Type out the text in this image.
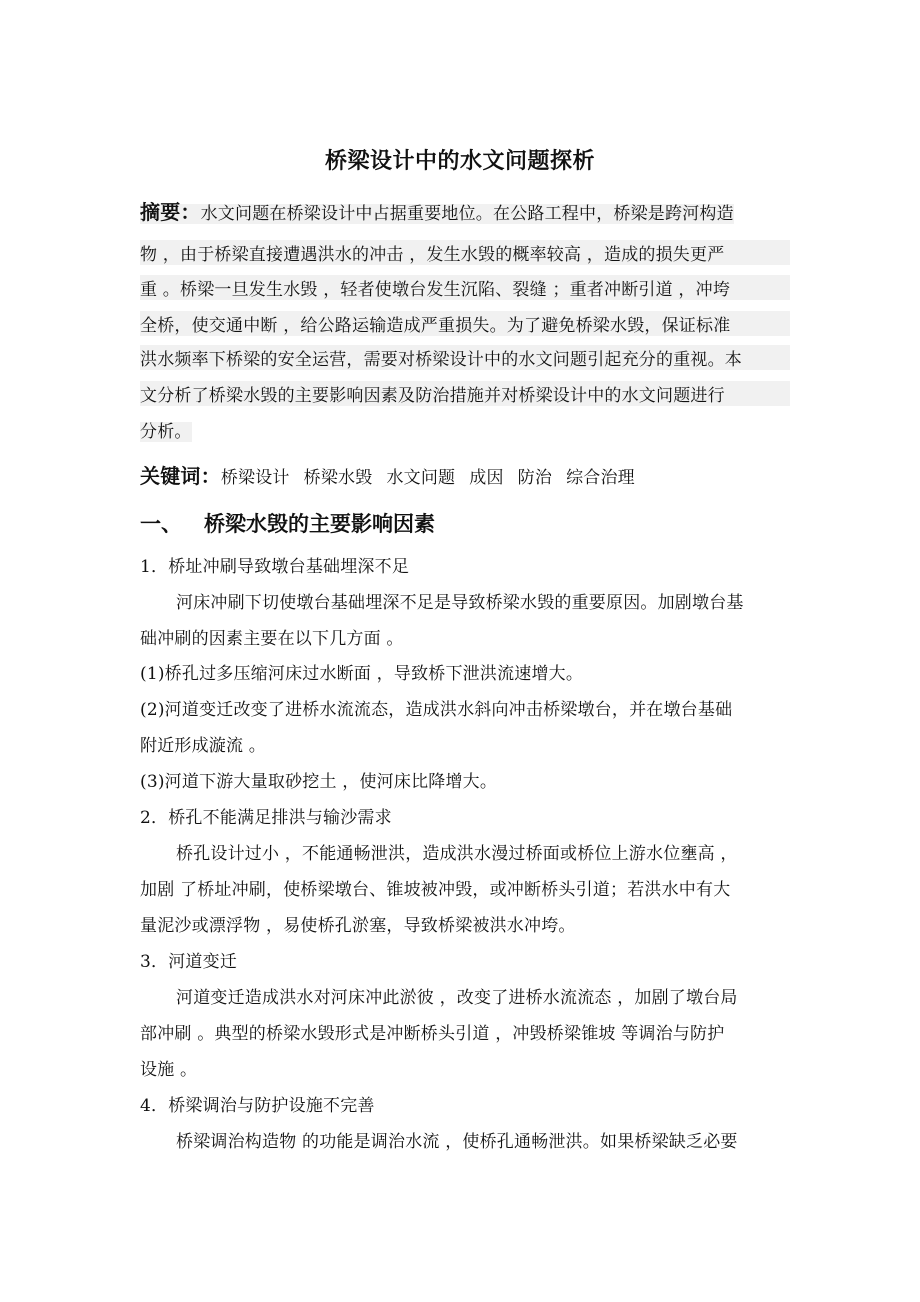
桥梁设计中的水文问题探析
摘要：水文问题在桥梁设计中占据重要地位。在公路工程中，桥梁是跨河构造
物 ，由于桥梁直接遭遇洪水的冲击 ，发生水毁的概率较高 ，造成的损失更严
重 。桥梁一旦发生水毁 ，轻者使墩台发生沉陷、裂缝 ；重者冲断引道 ，冲垮
全桥，使交通中断 ，给公路运输造成严重损失。为了避免桥梁水毁，保证标准
洪水频率下桥梁的安全运营，需要对桥梁设计中的水文问题引起充分的重视。本
文分析了桥梁水毁的主要影响因素及防治措施并对桥梁设计中的水文问题进行
分析。
关键词：桥梁设计 桥梁水毁 水文问题 成因 防治 综合治理
一、 桥梁水毁的主要影响因素
1．桥址冲刷导致墩台基础埋深不足
河床冲刷下切使墩台基础埋深不足是导致桥梁水毁的重要原因。加剧墩台基
础冲刷的因素主要在以下几方面 。
(1)桥孔过多压缩河床过水断面 ，导致桥下泄洪流速增大。
(2)河道变迁改变了进桥水流流态，造成洪水斜向冲击桥梁墩台，并在墩台基础
附近形成漩流 。
(3)河道下游大量取砂挖土 ，使河床比降增大。
2．桥孔不能满足排洪与输沙需求
桥孔设计过小 ，不能通畅泄洪，造成洪水漫过桥面或桥位上游水位壅高 ，
加剧 了桥址冲刷，使桥梁墩台、锥坡被冲毁，或冲断桥头引道；若洪水中有大
量泥沙或漂浮物 ，易使桥孔淤塞，导致桥梁被洪水冲垮。
3．河道变迁
河道变迁造成洪水对河床冲此淤彼 ，改变了进桥水流流态 ，加剧了墩台局
部冲刷 。典型的桥梁水毁形式是冲断桥头引道 ，冲毁桥梁锥坡 等调治与防护
设施 。
4．桥梁调治与防护设施不完善
桥梁调治构造物 的功能是调治水流 ，使桥孔通畅泄洪。如果桥梁缺乏必要
